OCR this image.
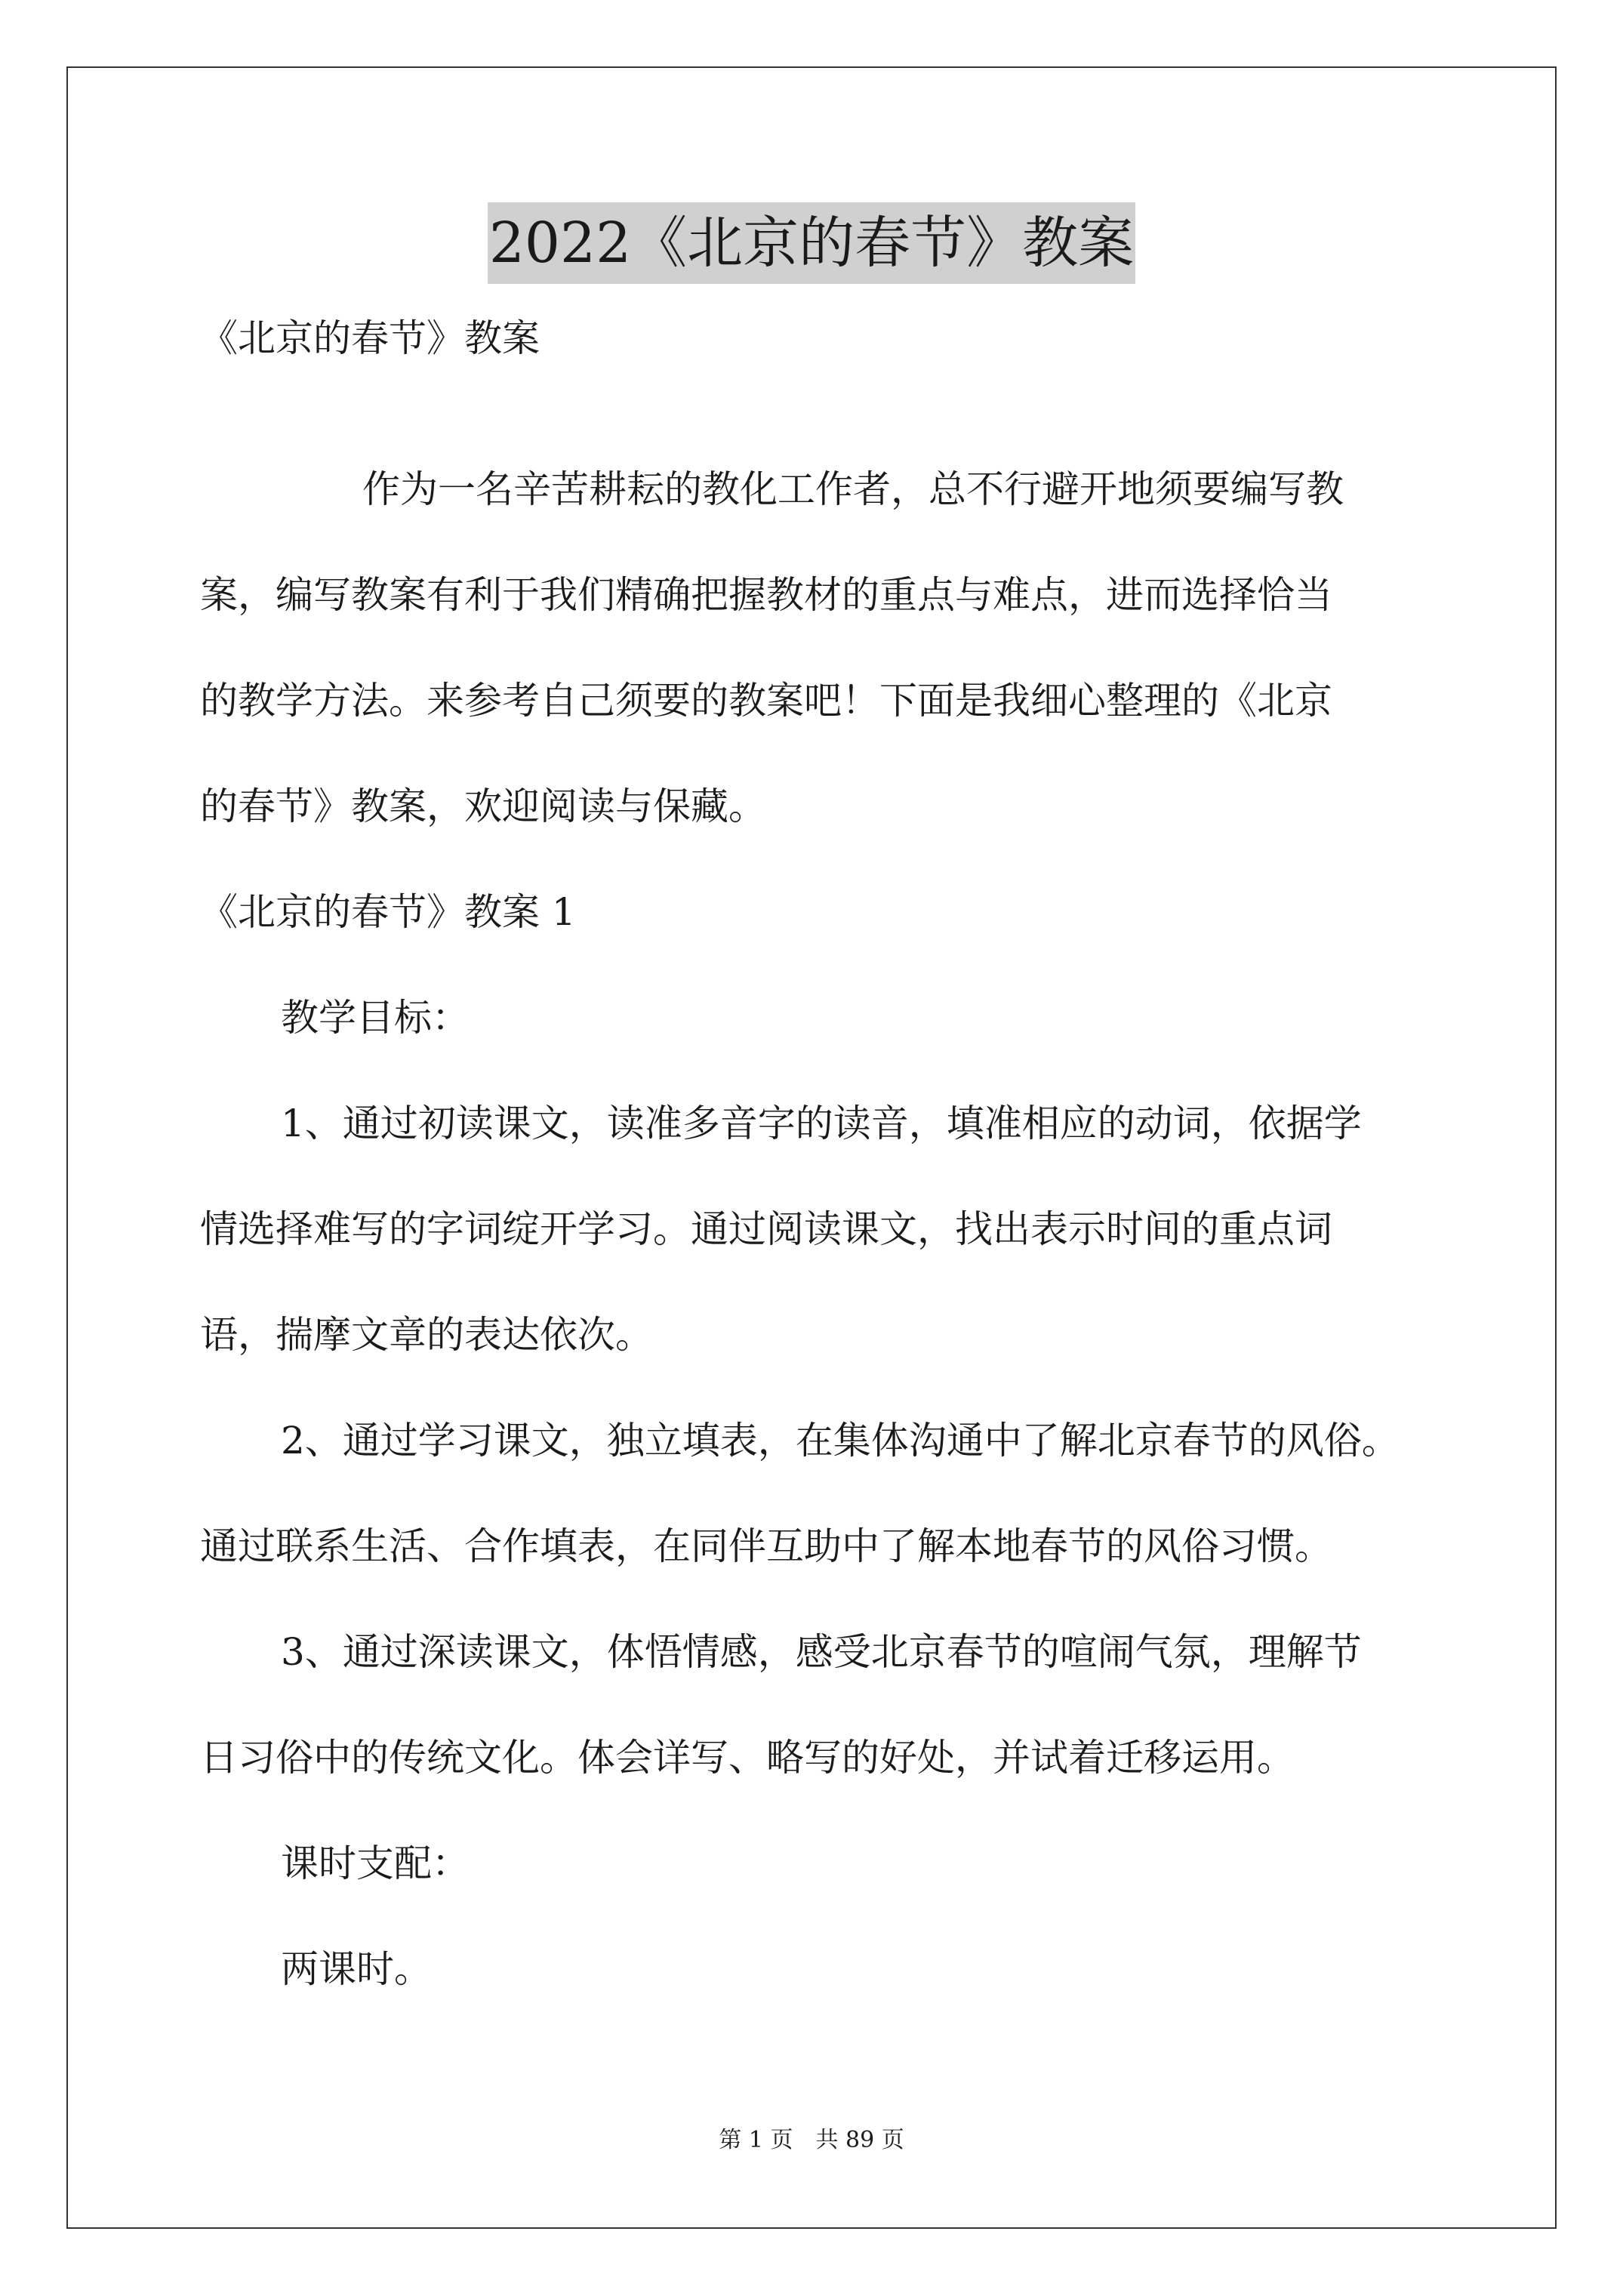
2022《北京的春节》教案
《北京的春节》教案
作为一名辛苦耕耘的教化工作者，总不行避开地须要编写教
案，编写教案有利于我们精确把握教材的重点与难点，进而选择恰当
的教学方法。来参考自己须要的教案吧！下面是我细心整理的《北京
的春节》教案，欢迎阅读与保藏。
《北京的春节》教案 1
教学目标：
1、通过初读课文，读准多音字的读音，填准相应的动词，依据学
情选择难写的字词绽开学习。通过阅读课文，找出表示时间的重点词
语，揣摩文章的表达依次。
2、通过学习课文，独立填表，在集体沟通中了解北京春节的风俗。
通过联系生活、合作填表，在同伴互助中了解本地春节的风俗习惯。
3、通过深读课文，体悟情感，感受北京春节的喧闹气氛，理解节
日习俗中的传统文化。体会详写、略写的好处，并试着迁移运用。
课时支配：
两课时。
第 1 页　共 89 页
